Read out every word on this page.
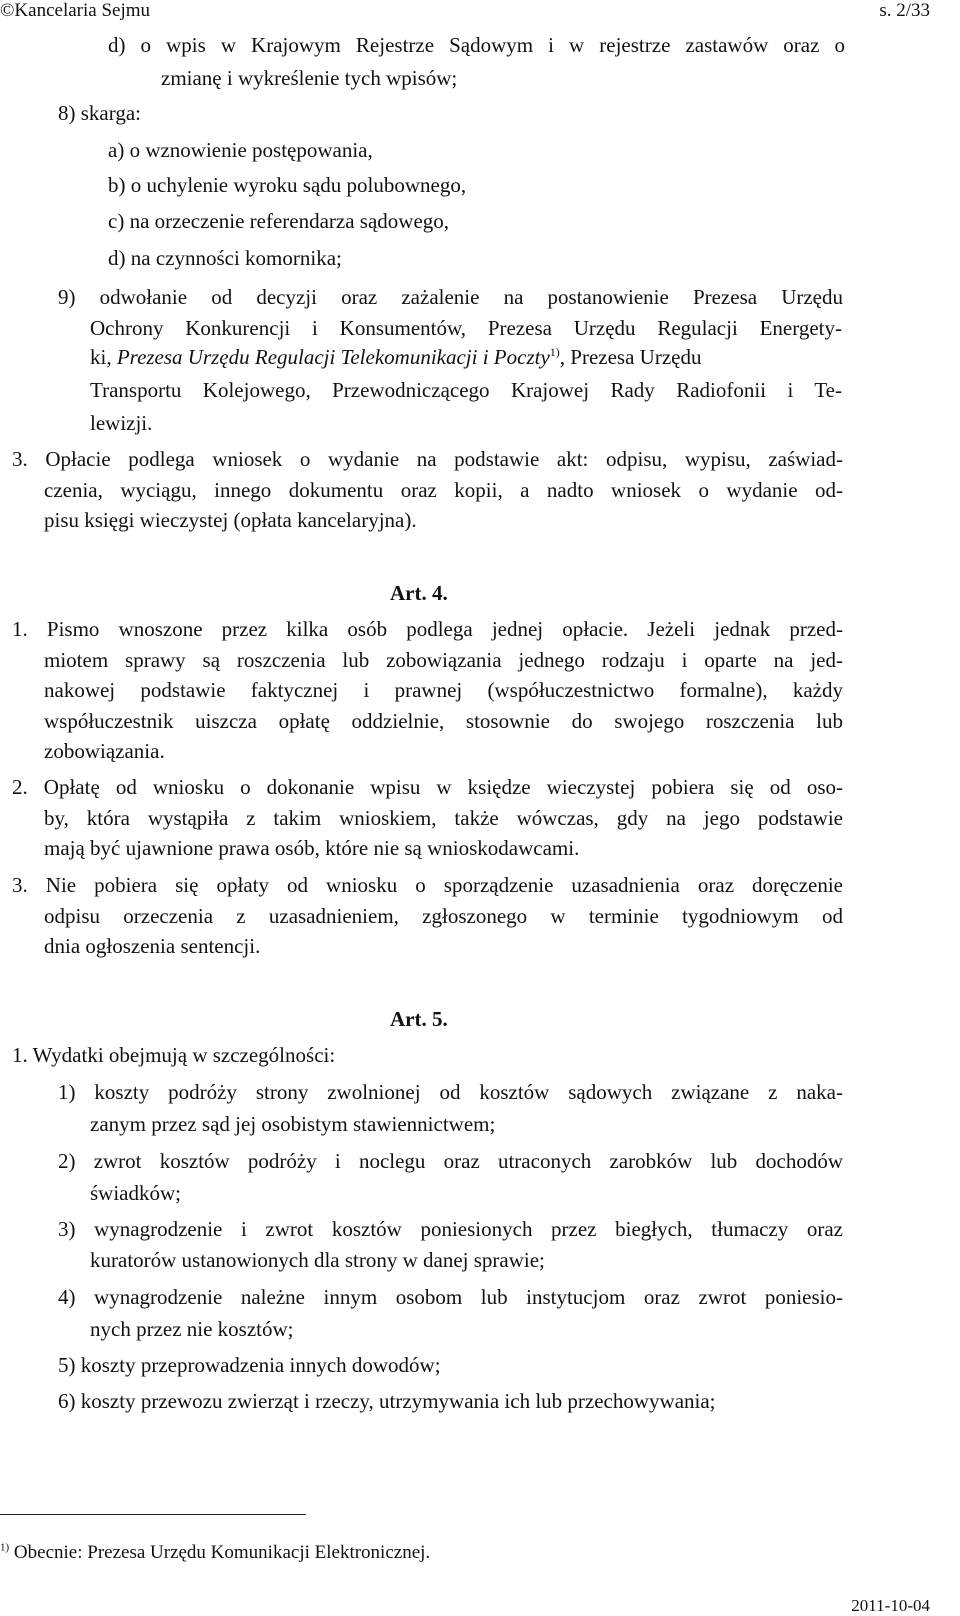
©Kancelaria Sejmu	s. 2/33
d) o wpis w Krajowym Rejestrze Sądowym i w rejestrze zastawów oraz o
zmianę i wykreślenie tych wpisów;
8) skarga:
a) o wznowienie postępowania,
b) o uchylenie wyroku sądu polubownego,
c) na orzeczenie referendarza sądowego,
d) na czynności komornika;
9) odwołanie od decyzji oraz zażalenie na postanowienie Prezesa Urzędu
Ochrony Konkurencji i Konsumentów, Prezesa Urzędu Regulacji Energety-
ki, Prezesa Urzędu Regulacji Telekomunikacji i Poczty$^{1)}$, Prezesa Urzędu
Transportu Kolejowego, Przewodniczącego Krajowej Rady Radiofonii i Te-
lewizji.
3. Opłacie podlega wniosek o wydanie na podstawie akt: odpisu, wypisu, zaświad-
czenia, wyciągu, innego dokumentu oraz kopii, a nadto wniosek o wydanie od-
pisu księgi wieczystej (opłata kancelaryjna).
Art. 4.
1. Pismo wnoszone przez kilka osób podlega jednej opłacie. Jeżeli jednak przed-
miotem sprawy są roszczenia lub zobowiązania jednego rodzaju i oparte na jed-
nakowej podstawie faktycznej i prawnej (współuczestnictwo formalne), każdy
współuczestnik uiszcza opłatę oddzielnie, stosownie do swojego roszczenia lub
zobowiązania.
2. Opłatę od wniosku o dokonanie wpisu w księdze wieczystej pobiera się od oso-
by, która wystąpiła z takim wnioskiem, także wówczas, gdy na jego podstawie
mają być ujawnione prawa osób, które nie są wnioskodawcami.
3. Nie pobiera się opłaty od wniosku o sporządzenie uzasadnienia oraz doręczenie
odpisu orzeczenia z uzasadnieniem, zgłoszonego w terminie tygodniowym od
dnia ogłoszenia sentencji.
Art. 5.
1. Wydatki obejmują w szczególności:
1) koszty podróży strony zwolnionej od kosztów sądowych związane z naka-
zanym przez sąd jej osobistym stawiennictwem;
2) zwrot kosztów podróży i noclegu oraz utraconych zarobków lub dochodów
świadków;
3) wynagrodzenie i zwrot kosztów poniesionych przez biegłych, tłumaczy oraz
kuratorów ustanowionych dla strony w danej sprawie;
4) wynagrodzenie należne innym osobom lub instytucjom oraz zwrot poniesio-
nych przez nie kosztów;
5) koszty przeprowadzenia innych dowodów;
6) koszty przewozu zwierząt i rzeczy, utrzymywania ich lub przechowywania;
$^{1)}$ Obecnie: Prezesa Urzędu Komunikacji Elektronicznej.
2011-10-04
